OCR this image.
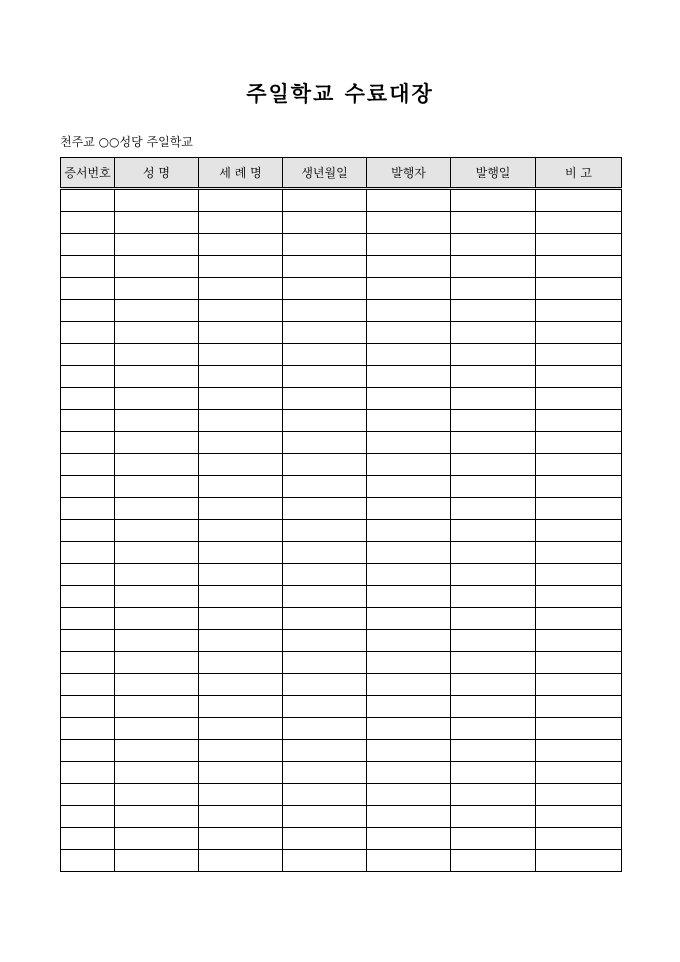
주일학교 수료대장
천주교 ○○성당 주일학교
증서번호	성 명	세 례 명	생년월일	발행자	발행일	비 고
